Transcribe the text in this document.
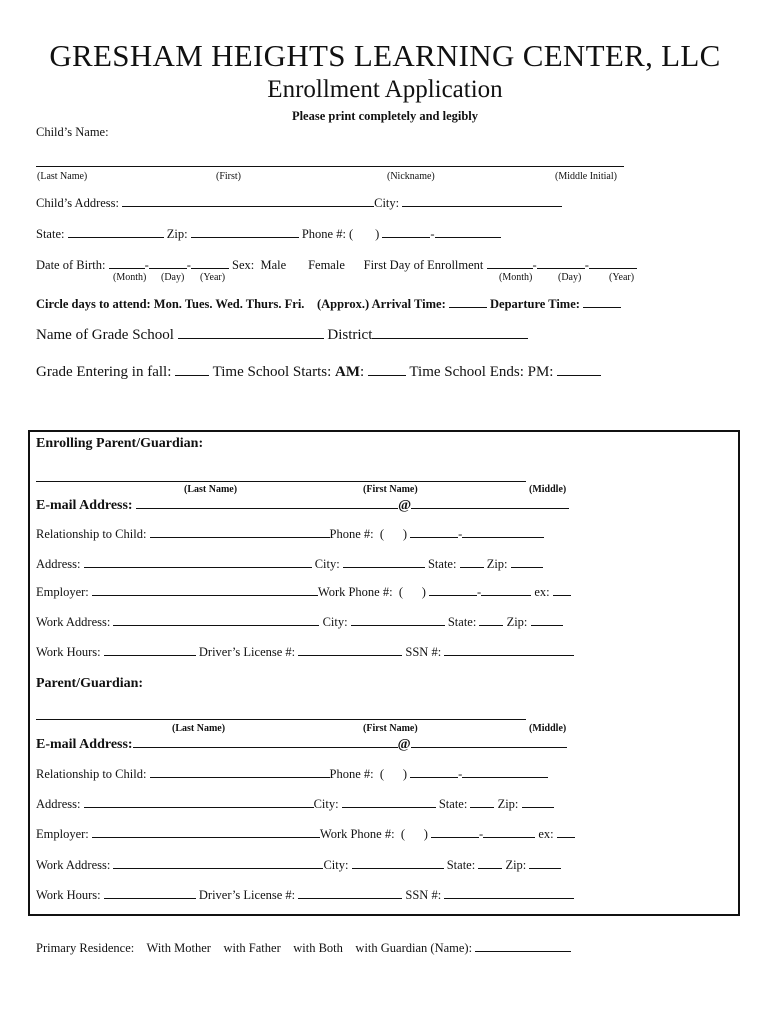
GRESHAM HEIGHTS LEARNING CENTER, LLC
Enrollment Application
Please print completely and legibly
Child’s Name:
(Last Name)	(First)	(Nickname)	(Middle Initial)
Child’s Address:	City:
State:	Zip:	Phone #: ( )	-
Date of Birth:	-	-	Sex: Male Female First Day of Enrollment	-	-
(Month) (Day) (Year)	(Month)	(Day)	(Year)
Circle days to attend: Mon. Tues. Wed. Thurs. Fri. (Approx.) Arrival Time:	Departure Time:
Name of Grade School	District
Grade Entering in fall:	Time School Starts: AM:	Time School Ends: PM:
Enrolling Parent/Guardian:
(Last Name)	(First Name)	(Middle)
E-mail Address:	@
Relationship to Child:	Phone #: ( )	-
Address:	City:	State: Zip:
Employer:	Work Phone #: ( )	-	ex:
Work Address:	City:	State: Zip:
Work Hours:	Driver’s License #:	SSN #:
Parent/Guardian:
(Last Name)	(First Name)	(Middle)
E-mail Address:	@
Relationship to Child:	Phone #: ( )	-
Address:	City:	State: Zip:
Employer:	Work Phone #: ( )	-	ex:
Work Address:	City:	State: Zip:
Work Hours:	Driver’s License #:	SSN #:
Primary Residence: With Mother with Father with Both with Guardian (Name):
